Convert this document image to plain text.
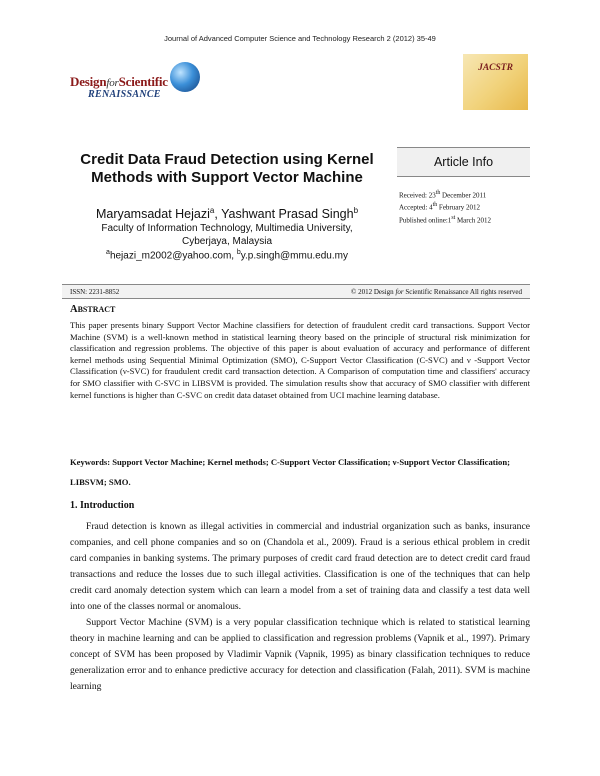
Journal of Advanced Computer Science and Technology Research 2 (2012) 35-49
DesignforScientific
RENAISSANCE
JACSTR
Credit Data Fraud Detection using Kernel Methods with Support Vector Machine
Maryamsadat Hejazi$^a$, Yashwant Prasad Singh$^b$
Faculty of Information Technology, Multimedia University,
Cyberjaya, Malaysia
$^a$hejazi_m2002@yahoo.com, $^b$y.p.singh@mmu.edu.my
Article Info
Received: 23th December 2011
Accepted: 4th February 2012
Published online:1st March 2012
ISSN: 2231-8852	© 2012 Design for Scientific Renaissance All rights reserved
ABSTRACT
This paper presents binary Support Vector Machine classifiers for detection of fraudulent credit card transactions. Support Vector Machine (SVM) is a well-known method in statistical learning theory based on the principle of structural risk minimization for classification and regression problems. The objective of this paper is about evaluation of accuracy and performance of different kernel methods using Sequential Minimal Optimization (SMO), C-Support Vector Classification (C-SVC) and ν -Support Vector Classification (ν-SVC) for fraudulent credit card transaction detection. A Comparison of computation time and classifiers' accuracy for SMO classifier with C-SVC in LIBSVM is provided. The simulation results show that accuracy of SMO classifier with different kernel functions is higher than C-SVC on credit data dataset obtained from UCI machine learning database.
Keywords: Support Vector Machine; Kernel methods; C-Support Vector Classification; ν-Support Vector Classification; LIBSVM; SMO.
1. Introduction

Fraud detection is known as illegal activities in commercial and industrial organization such as banks, insurance companies, and cell phone companies and so on (Chandola et al., 2009). Fraud is a serious ethical problem in credit card companies in banking systems. The primary purposes of credit card fraud detection are to detect credit card fraud transactions and reduce the losses due to such illegal activities. Classification is one of the techniques that can help credit card anomaly detection system which can learn a model from a set of training data and classify a test data well into one of the classes normal or anomalous.

Support Vector Machine (SVM) is a very popular classification technique which is related to statistical learning theory in machine learning and can be applied to classification and regression problems (Vapnik et al., 1997). Primary concept of SVM has been proposed by Vladimir Vapnik (Vapnik, 1995) as binary classification techniques to reduce generalization error and to enhance predictive accuracy for detection and classification (Falah, 2011). SVM is machine learning
